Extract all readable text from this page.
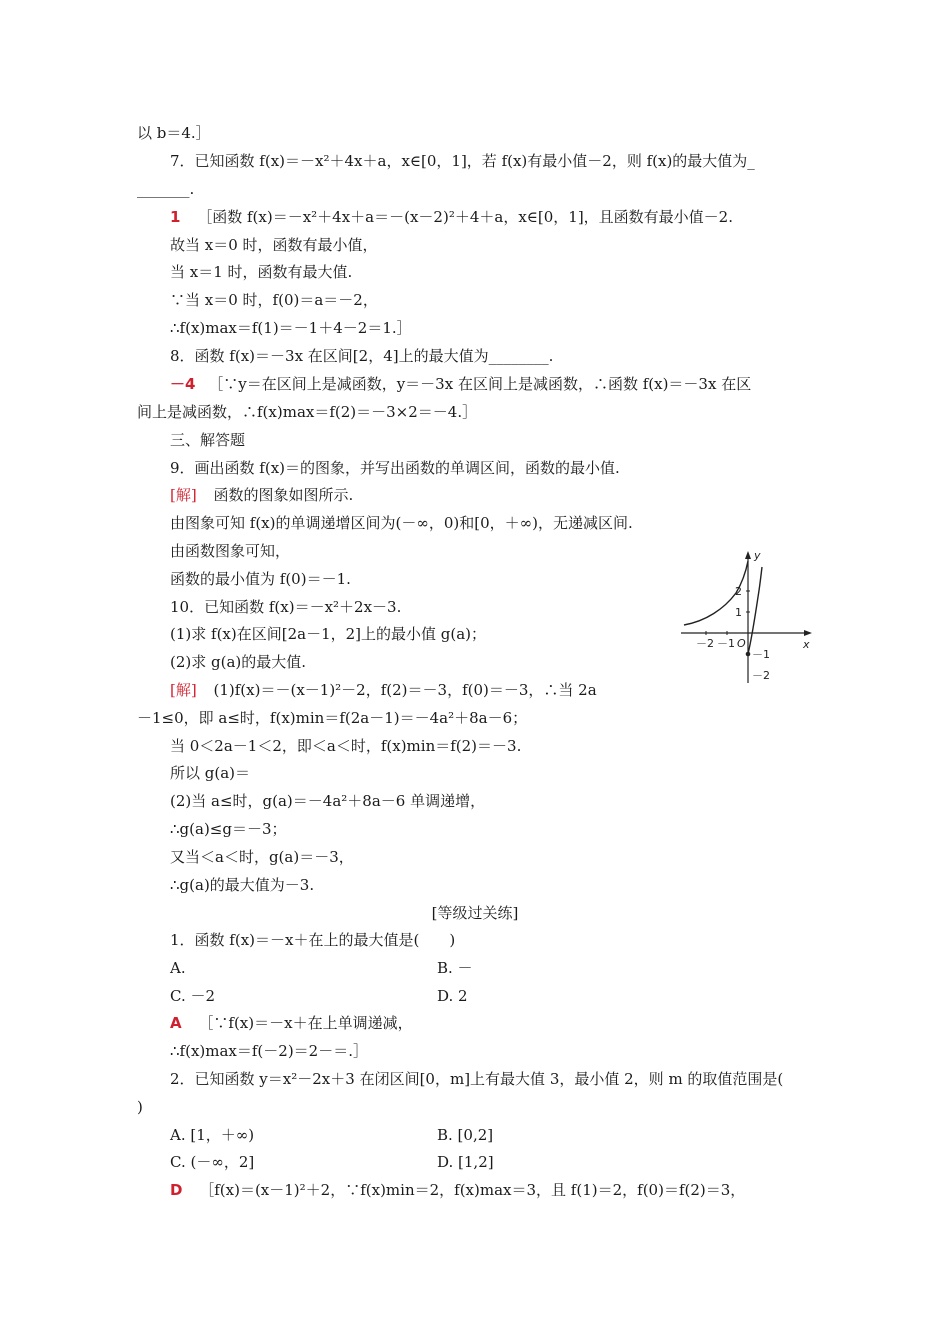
以 b＝4.］
7．已知函数 f(x)＝－x²＋4x＋a，x∈[0，1]，若 f(x)有最小值－2，则 f(x)的最大值为_
_______.
1 ［函数 f(x)＝－x²＋4x＋a＝－(x－2)²＋4＋a，x∈[0，1]，且函数有最小值－2.
故当 x＝0 时，函数有最小值，
当 x＝1 时，函数有最大值.
∵当 x＝0 时，f(0)＝a＝－2，
∴f(x)max＝f(1)＝－1＋4－2＝1.］
8．函数 f(x)＝－3x 在区间[2，4]上的最大值为________.
－4 ［∵y＝在区间上是减函数，y＝－3x 在区间上是减函数，∴函数 f(x)＝－3x 在区
间上是减函数，∴f(x)max＝f(2)＝－3×2＝－4.］
三、解答题
9．画出函数 f(x)＝的图象，并写出函数的单调区间，函数的最小值.
[解] 函数的图象如图所示.
由图象可知 f(x)的单调递增区间为(－∞，0)和[0，＋∞)，无递减区间.
由函数图象可知，
函数的最小值为 f(0)＝－1.
10．已知函数 f(x)＝－x²＋2x－3.
(1)求 f(x)在区间[2a－1，2]上的最小值 g(a)；
(2)求 g(a)的最大值.
[解] (1)f(x)＝－(x－1)²－2，f(2)＝－3，f(0)＝－3，∴当 2a
－1≤0，即 a≤时，f(x)min＝f(2a－1)＝－4a²＋8a－6；
当 0＜2a－1＜2，即＜a＜时，f(x)min＝f(2)＝－3.
所以 g(a)＝
(2)当 a≤时，g(a)＝－4a²＋8a－6 单调递增，
∴g(a)≤g＝－3；
又当＜a＜时，g(a)＝－3，
∴g(a)的最大值为－3.
[等级过关练]
1．函数 f(x)＝－x＋在上的最大值是(　　)
A.	B. －
C. －2	D. 2
A ［∵f(x)＝－x＋在上单调递减，
∴f(x)max＝f(－2)＝2－＝.］
2．已知函数 y＝x²－2x＋3 在闭区间[0，m]上有最大值 3，最小值 2，则 m 的取值范围是(
)
A. [1，＋∞)	B. [0,2]
C. (－∞，2]	D. [1,2]
D ［f(x)＝(x－1)²＋2，∵f(x)min＝2，f(x)max＝3，且 f(1)＝2，f(0)＝f(2)＝3，
y
x
O
－2 －1
2
1
－1
－2
